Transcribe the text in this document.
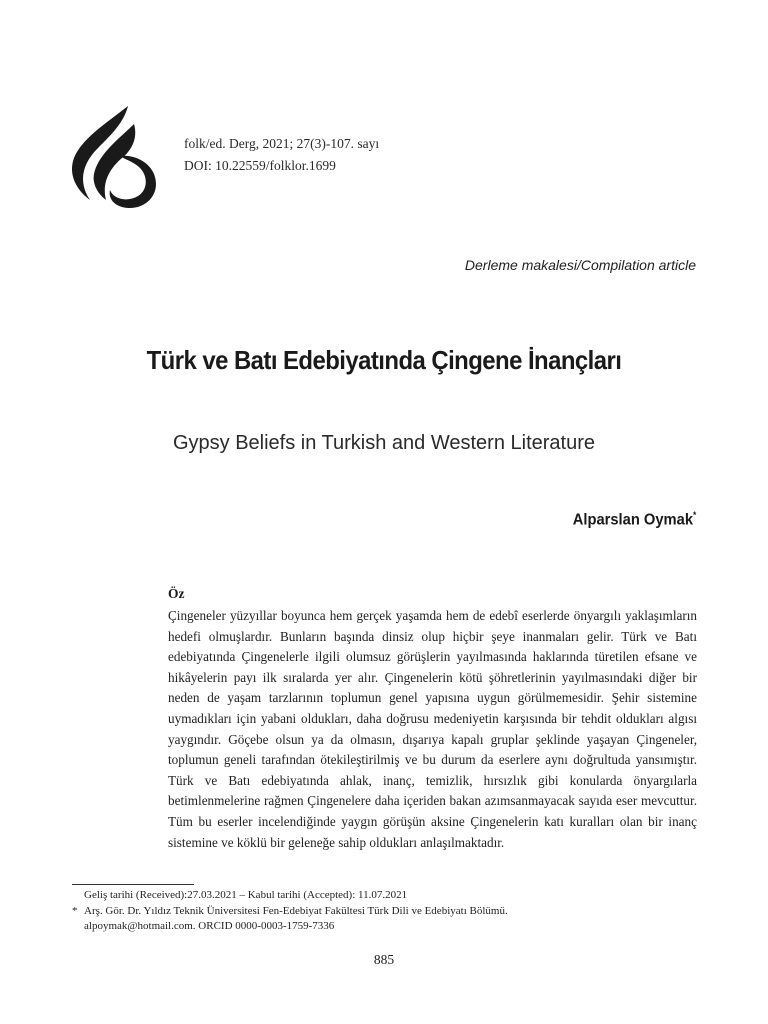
folk/ed. Derg, 2021; 27(3)-107. sayı
DOI: 10.22559/folklor.1699
Derleme makalesi/Compilation article
Türk ve Batı Edebiyatında Çingene İnançları
Gypsy Beliefs in Turkish and Western Literature
Alparslan Oymak*
Öz

Çingeneler yüzyıllar boyunca hem gerçek yaşamda hem de edebî eserlerde önyargılı yaklaşımların hedefi olmuşlardır. Bunların başında dinsiz olup hiçbir şeye inanmaları gelir. Türk ve Batı edebiyatında Çingenelerle ilgili olumsuz görüşlerin yayılmasında haklarında türetilen efsane ve hikâyelerin payı ilk sıralarda yer alır. Çingenelerin kötü şöhretlerinin yayılmasındaki diğer bir neden de yaşam tarzlarının toplumun genel yapısına uygun görülmemesidir. Şehir sistemine uymadıkları için yabani oldukları, daha doğrusu medeniyetin karşısında bir tehdit oldukları algısı yaygındır. Göçebe olsun ya da olmasın, dışarıya kapalı gruplar şeklinde yaşayan Çingeneler, toplumun geneli tarafından ötekileştirilmiş ve bu durum da eserlere aynı doğrultuda yansımıştır. Türk ve Batı edebiyatında ahlak, inanç, temizlik, hırsızlık gibi konularda önyargılarla betimlenmelerine rağmen Çingenelere daha içeriden bakan azımsanmayacak sayıda eser mevcuttur. Tüm bu eserler incelendiğinde yaygın görüşün aksine Çingenelerin katı kuralları olan bir inanç sistemine ve köklü bir geleneğe sahip oldukları anlaşılmaktadır.

Geliş tarihi (Received):27.03.2021 – Kabul tarihi (Accepted): 11.07.2021

* Arş. Gör. Dr. Yıldız Teknik Üniversitesi Fen-Edebiyat Fakültesi Türk Dili ve Edebiyatı Bölümü.

alpoymak@hotmail.com. ORCID 0000-0003-1759-7336

885
